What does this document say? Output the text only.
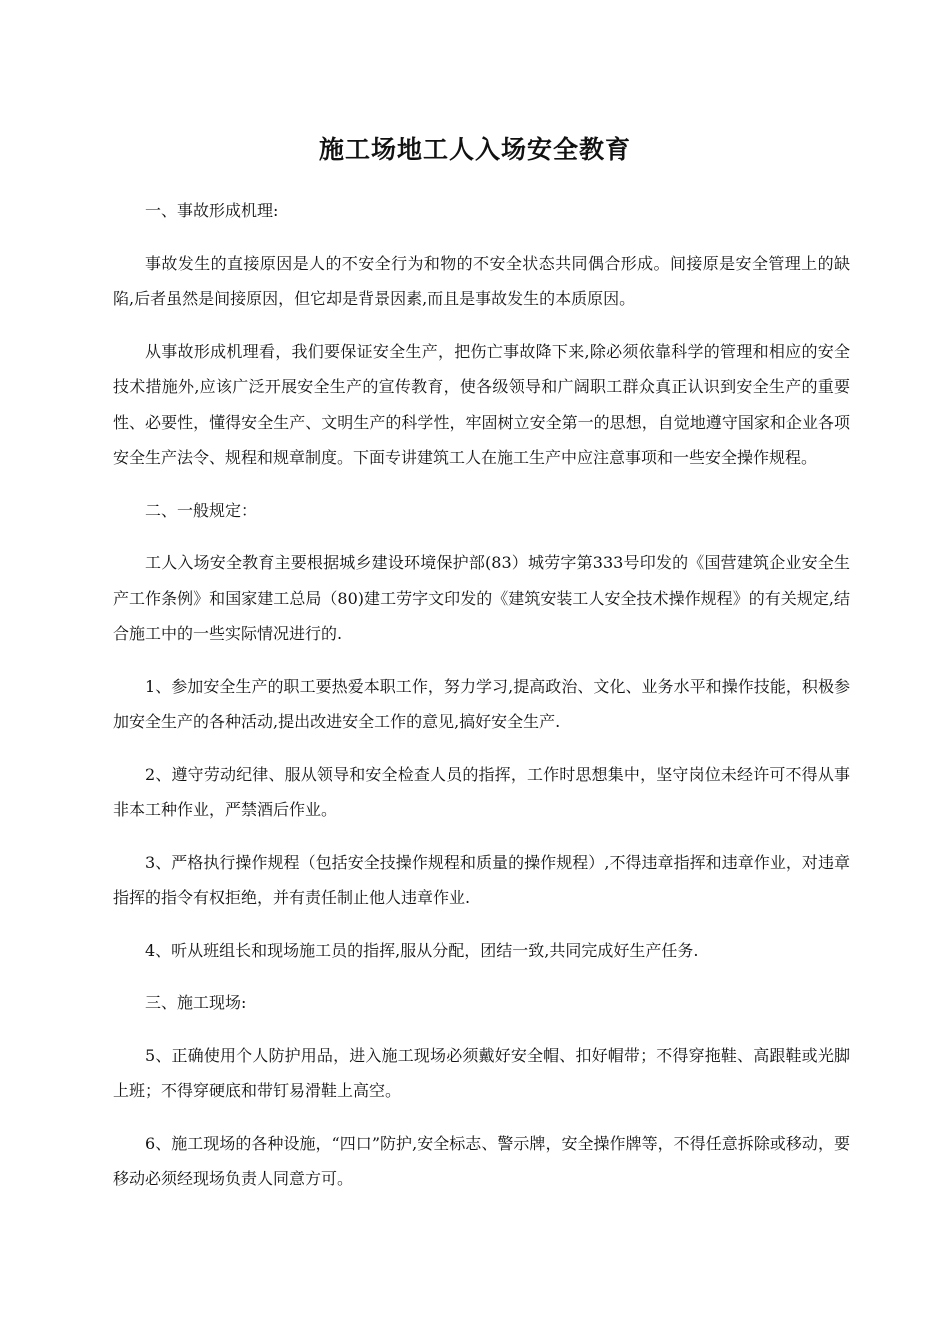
施工场地工人入场安全教育

一、事故形成机理:

事故发生的直接原因是人的不安全行为和物的不安全状态共同偶合形成。间接原是安全管理上的缺陷,后者虽然是间接原因，但它却是背景因素,而且是事故发生的本质原因。

从事故形成机理看，我们要保证安全生产，把伤亡事故降下来,除必须依靠科学的管理和相应的安全技术措施外,应该广泛开展安全生产的宣传教育，使各级领导和广阔职工群众真正认识到安全生产的重要性、必要性，懂得安全生产、文明生产的科学性，牢固树立安全第一的思想，自觉地遵守国家和企业各项安全生产法令、规程和规章制度。下面专讲建筑工人在施工生产中应注意事项和一些安全操作规程。

二、一般规定：

工人入场安全教育主要根据城乡建设环境保护部(83）城劳字第333号印发的《国营建筑企业安全生产工作条例》和国家建工总局（80)建工劳字文印发的《建筑安装工人安全技术操作规程》的有关规定,结合施工中的一些实际情况进行的.

1、参加安全生产的职工要热爱本职工作，努力学习,提高政治、文化、业务水平和操作技能，积极参加安全生产的各种活动,提出改进安全工作的意见,搞好安全生产.

2、遵守劳动纪律、服从领导和安全检查人员的指挥，工作时思想集中，坚守岗位未经许可不得从事非本工种作业，严禁酒后作业。

3、严格执行操作规程（包括安全技操作规程和质量的操作规程）,不得违章指挥和违章作业，对违章指挥的指令有权拒绝，并有责任制止他人违章作业.

4、听从班组长和现场施工员的指挥,服从分配，团结一致,共同完成好生产任务.

三、施工现场:

5、正确使用个人防护用品，进入施工现场必须戴好安全帽、扣好帽带；不得穿拖鞋、高跟鞋或光脚上班；不得穿硬底和带钉易滑鞋上高空。

6、施工现场的各种设施，“四口”防护,安全标志、警示牌，安全操作牌等，不得任意拆除或移动，要移动必须经现场负责人同意方可。
